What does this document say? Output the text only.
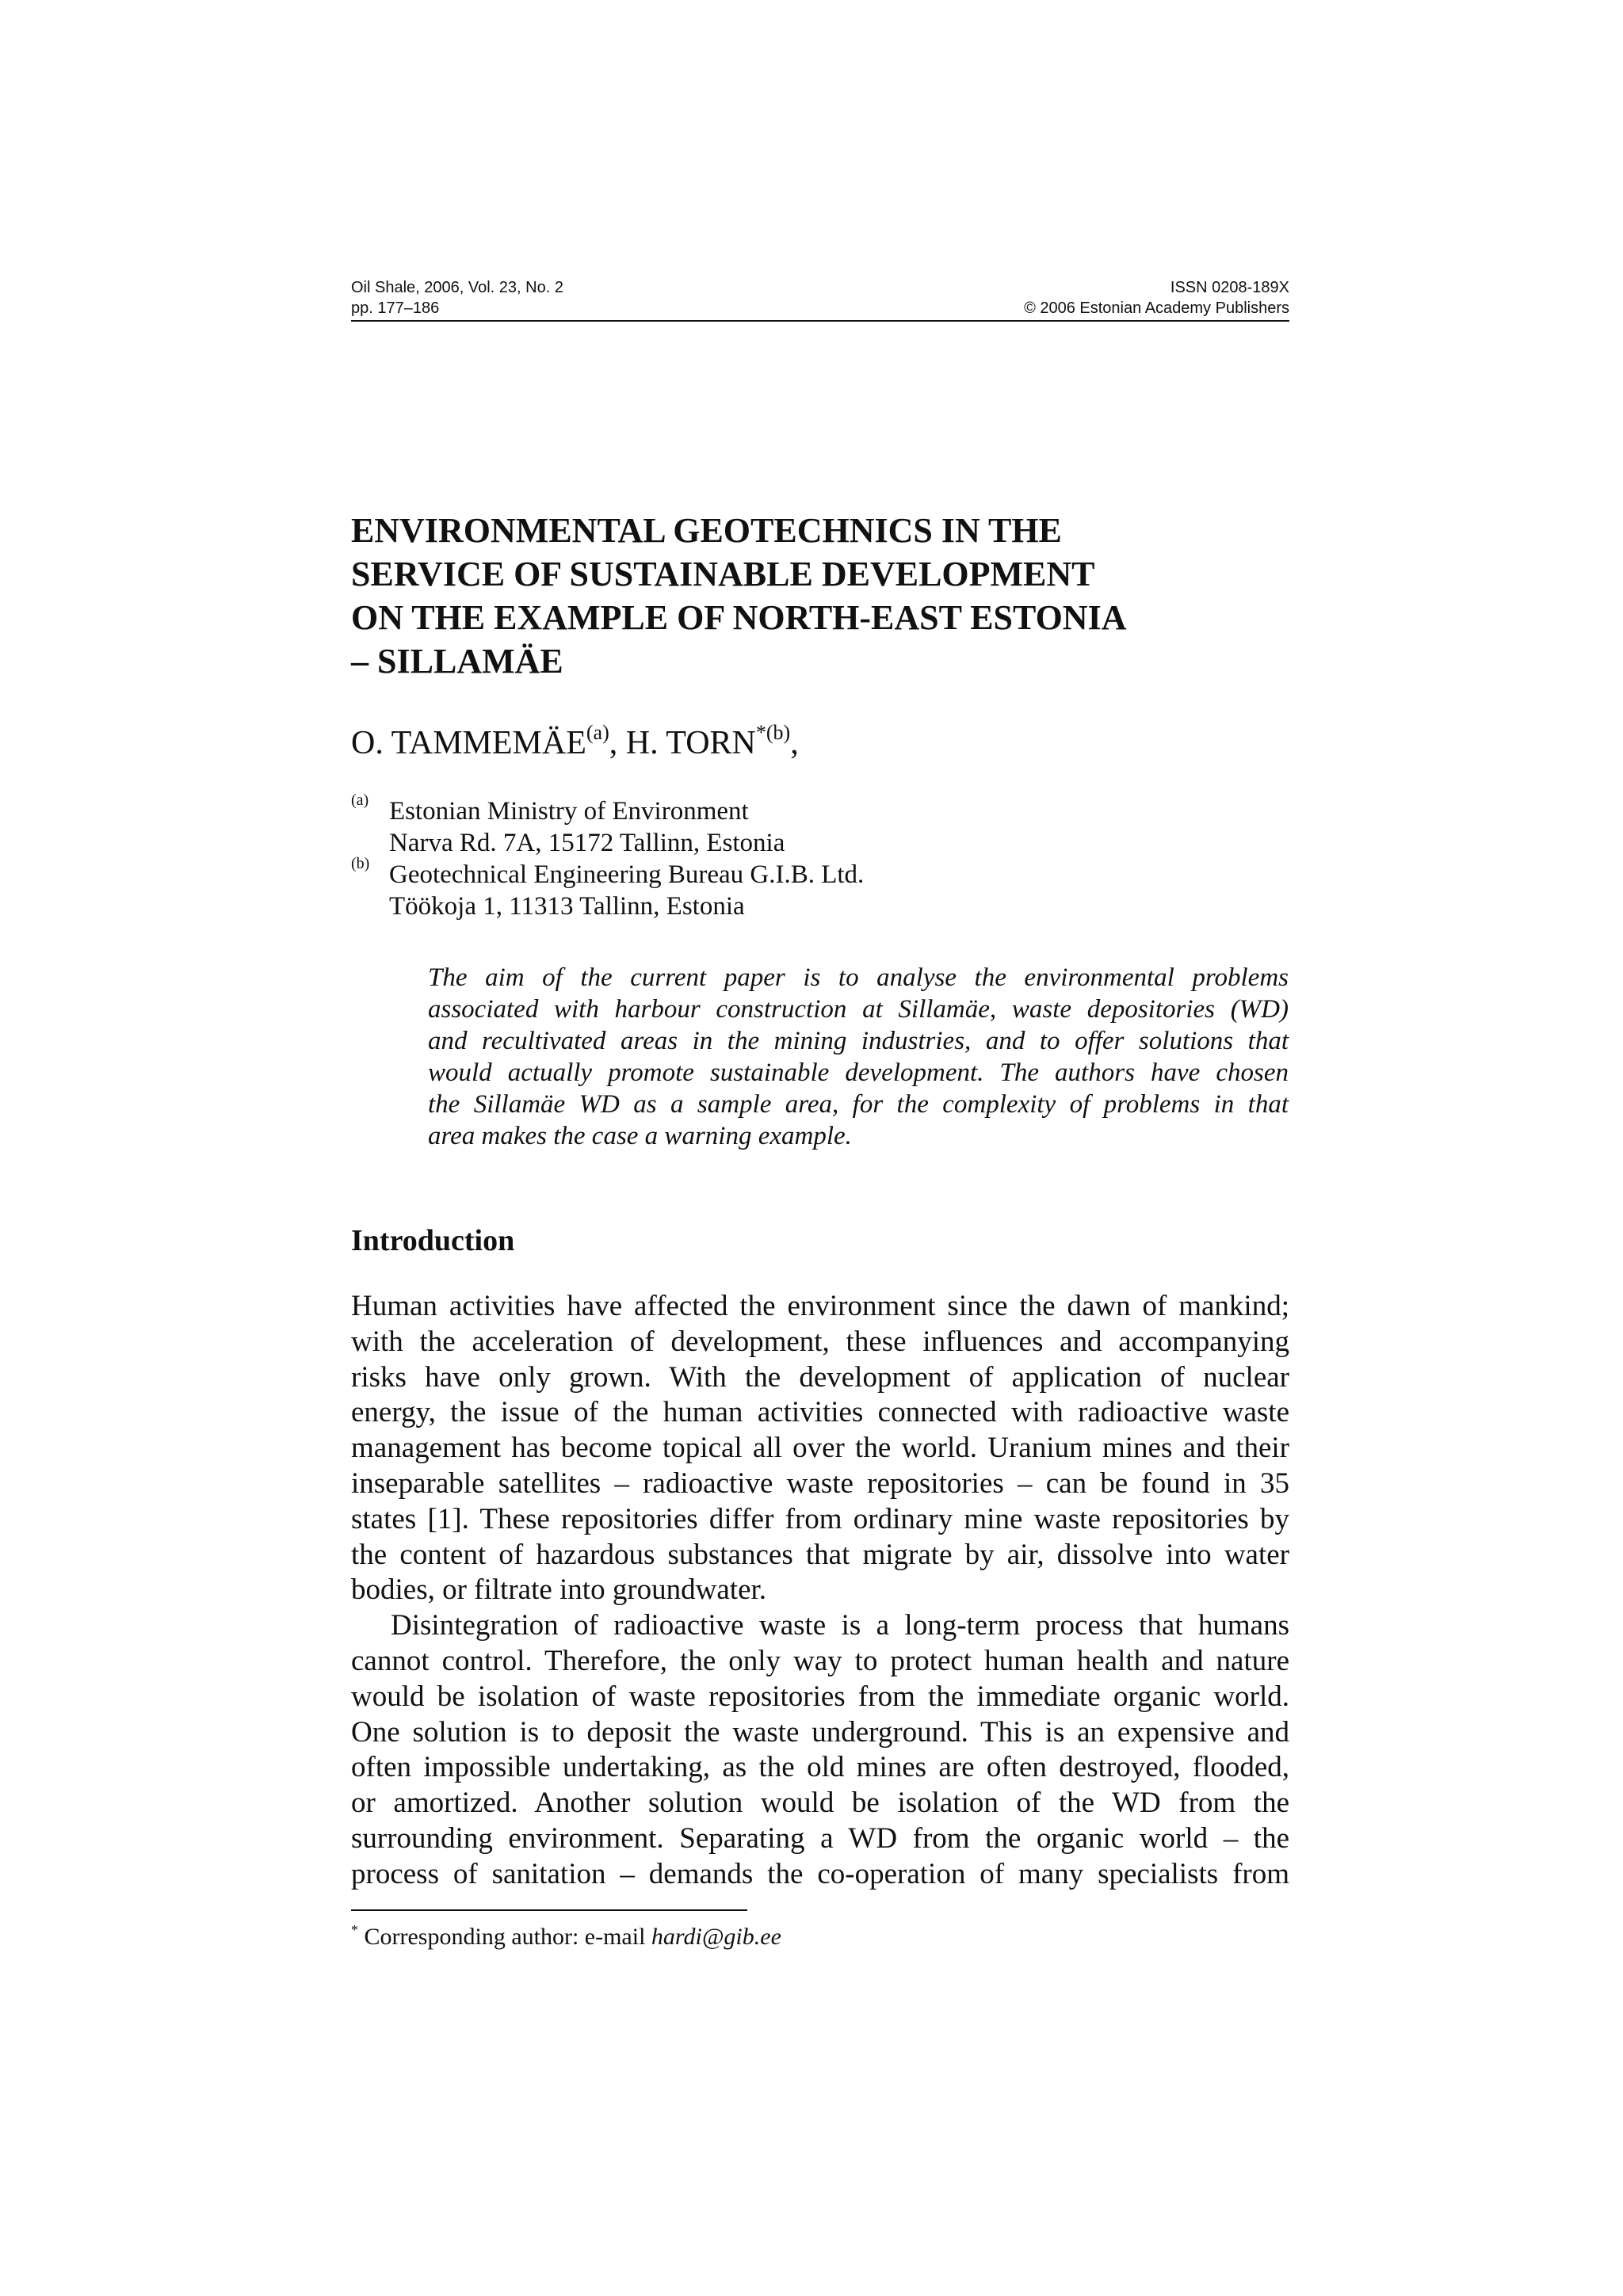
Oil Shale, 2006, Vol. 23, No. 2	ISSN 0208-189X
pp. 177–186	© 2006 Estonian Academy Publishers
ENVIRONMENTAL GEOTECHNICS IN THE
SERVICE OF SUSTAINABLE DEVELOPMENT
ON THE EXAMPLE OF NORTH-EAST ESTONIA
– SILLAMÄE

O. TAMMEMÄE$^{(a)}$, H. TORN$^{*(b)}$,

(a) Estonian Ministry of Environment
Narva Rd. 7A, 15172 Tallinn, Estonia
(b) Geotechnical Engineering Bureau G.I.B. Ltd.
Töökoja 1, 11313 Tallinn, Estonia

The aim of the current paper is to analyse the environmental problems
associated with harbour construction at Sillamäe, waste depositories (WD)
and recultivated areas in the mining industries, and to offer solutions that
would actually promote sustainable development. The authors have chosen
the Sillamäe WD as a sample area, for the complexity of problems in that
area makes the case a warning example.

Introduction
Human activities have affected the environment since the dawn of mankind;
with the acceleration of development, these influences and accompanying
risks have only grown. With the development of application of nuclear
energy, the issue of the human activities connected with radioactive waste
management has become topical all over the world. Uranium mines and their
inseparable satellites – radioactive waste repositories – can be found in 35
states [1]. These repositories differ from ordinary mine waste repositories by
the content of hazardous substances that migrate by air, dissolve into water
bodies, or filtrate into groundwater.
Disintegration of radioactive waste is a long-term process that humans
cannot control. Therefore, the only way to protect human health and nature
would be isolation of waste repositories from the immediate organic world.
One solution is to deposit the waste underground. This is an expensive and
often impossible undertaking, as the old mines are often destroyed, flooded,
or amortized. Another solution would be isolation of the WD from the
surrounding environment. Separating a WD from the organic world – the
process of sanitation – demands the co-operation of many specialists from
* Corresponding author: e-mail hardi@gib.ee
